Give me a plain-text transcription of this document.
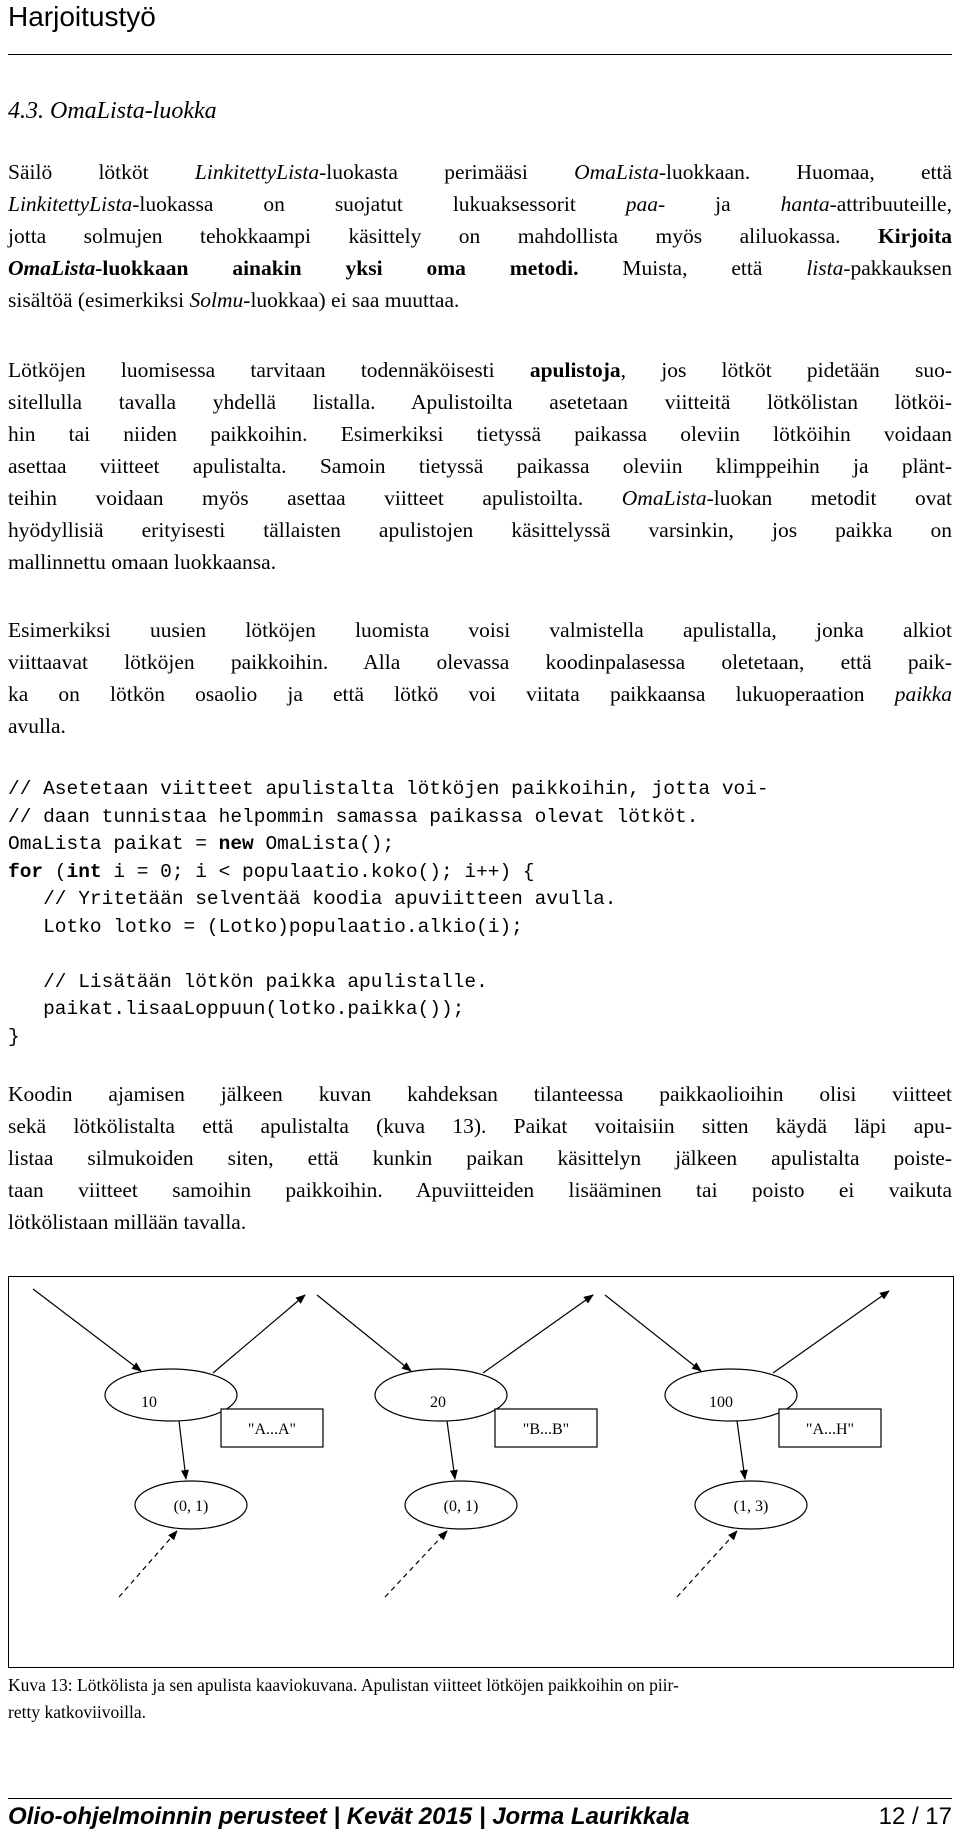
Harjoitustyö
4.3. OmaLista-luokka
Säilö lötköt LinkitettyLista-luokasta perimääsi OmaLista-luokkaan. Huomaa, että
LinkitettyLista-luokassa on suojatut lukuaksessorit paa- ja hanta-attribuuteille,
jotta solmujen tehokkaampi käsittely on mahdollista myös aliluokassa. Kirjoita
OmaLista-luokkaan ainakin yksi oma metodi. Muista, että lista-pakkauksen
sisältöä (esimerkiksi Solmu-luokkaa) ei saa muuttaa.
Lötköjen luomisessa tarvitaan todennäköisesti apulistoja, jos lötköt pidetään suo-
sitellulla tavalla yhdellä listalla. Apulistoilta asetetaan viitteitä lötkölistan lötköi-
hin tai niiden paikkoihin. Esimerkiksi tietyssä paikassa oleviin lötköihin voidaan
asettaa viitteet apulistalta. Samoin tietyssä paikassa oleviin klimppeihin ja plänt-
teihin voidaan myös asettaa viitteet apulistoilta. OmaLista-luokan metodit ovat
hyödyllisiä erityisesti tällaisten apulistojen käsittelyssä varsinkin, jos paikka on
mallinnettu omaan luokkaansa.
Esimerkiksi uusien lötköjen luomista voisi valmistella apulistalla, jonka alkiot
viittaavat lötköjen paikkoihin. Alla olevassa koodinpalasessa oletetaan, että paik-
ka on lötkön osaolio ja että lötkö voi viitata paikkaansa lukuoperaation paikka
avulla.
// Asetetaan viitteet apulistalta lötköjen paikkoihin, jotta voi-
// daan tunnistaa helpommin samassa paikassa olevat lötköt.
OmaLista paikat = new OmaLista();
for (int i = 0; i < populaatio.koko(); i++) {
// Yritetään selventää koodia apuviitteen avulla.
Lotko lotko = (Lotko)populaatio.alkio(i);

// Lisätään lötkön paikka apulistalle.
paikat.lisaaLoppuun(lotko.paikka());
}
Koodin ajamisen jälkeen kuvan kahdeksan tilanteessa paikkaolioihin olisi viitteet
sekä lötkölistalta että apulistalta (kuva 13). Paikat voitaisiin sitten käydä läpi apu-
listaa silmukoiden siten, että kunkin paikan käsittelyn jälkeen apulistalta poiste-
taan viitteet samoihin paikkoihin. Apuviitteiden lisääminen tai poisto ei vaikuta
lötkölistaan millään tavalla.
10	20	100
"A...A"	"B...B"	"A...H"
(0, 1)	(0, 1)	(1, 3)
Kuva 13: Lötkölista ja sen apulista kaaviokuvana. Apulistan viitteet lötköjen paikkoihin on piir-
retty katkoviivoilla.
Olio-ohjelmoinnin perusteet | Kevät 2015 | Jorma Laurikkala	12 / 17
